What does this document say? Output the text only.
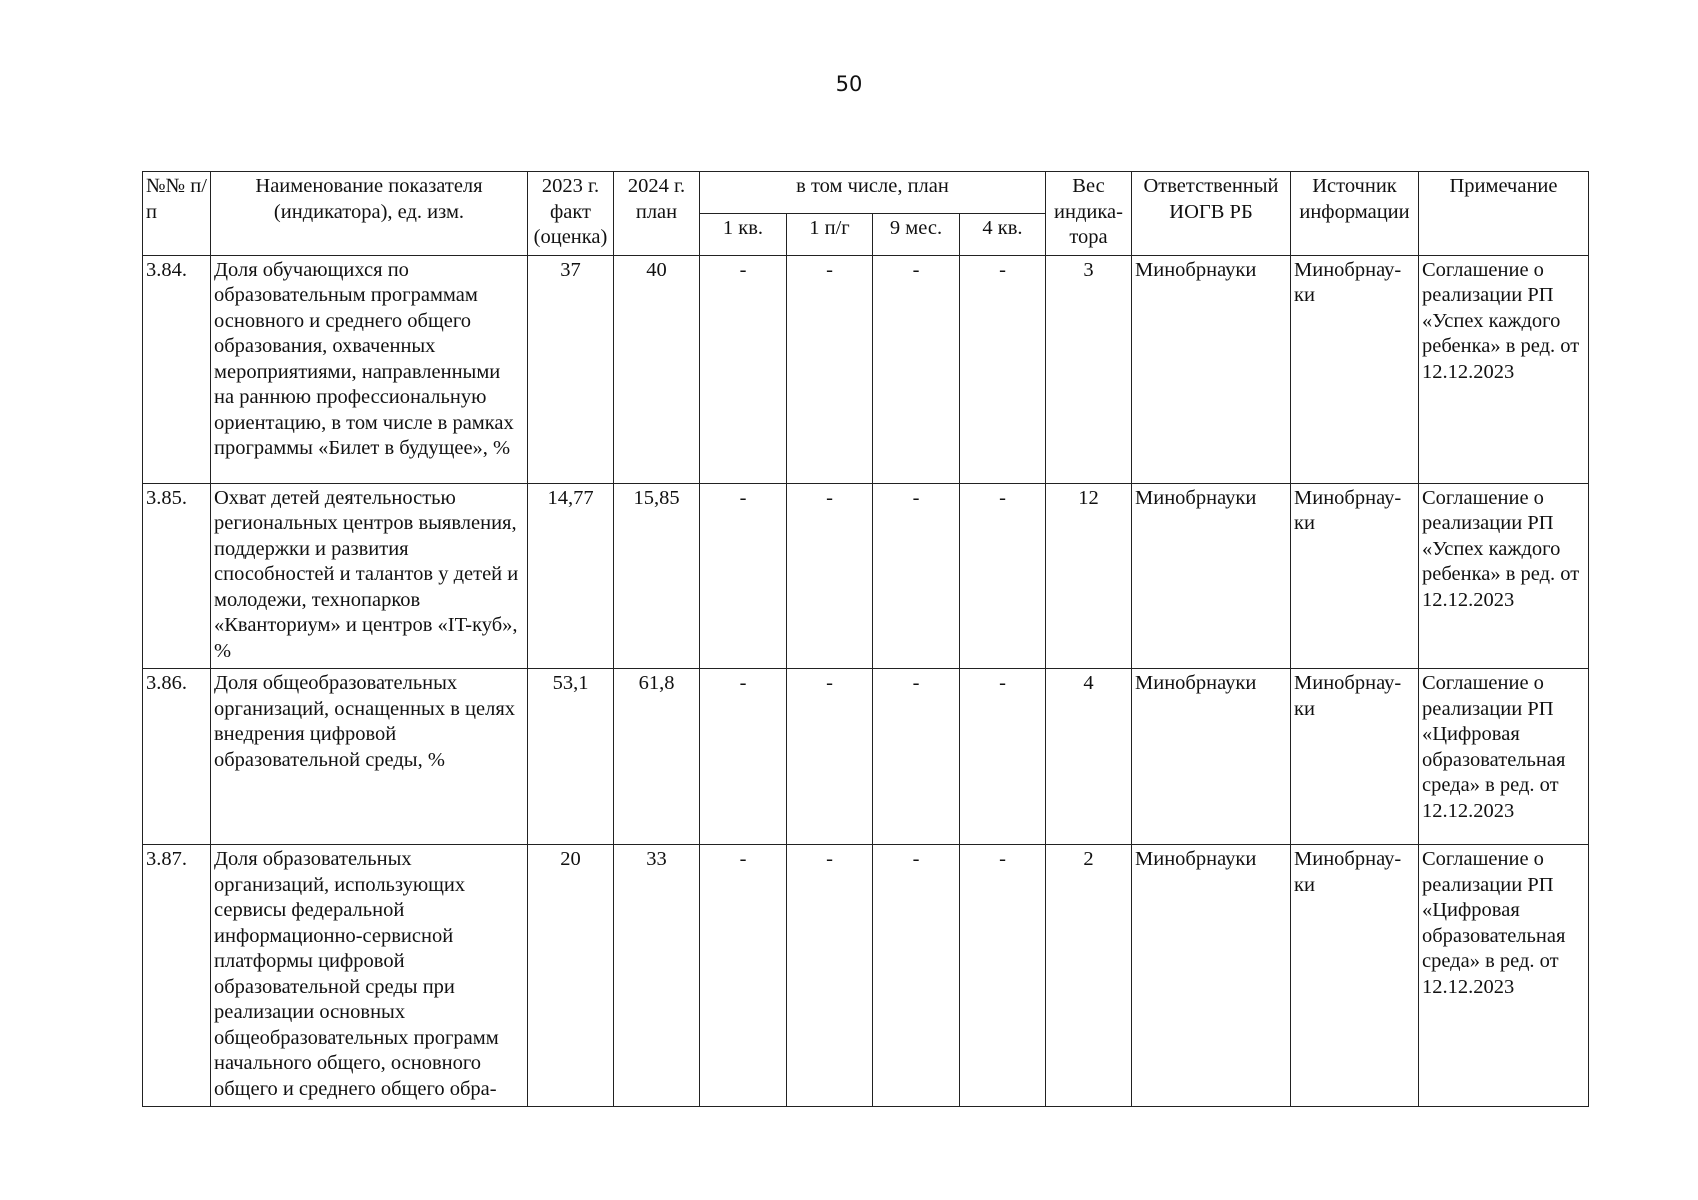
50
№№ п/п	Наименование показателя (индикатора), ед. изм.	2023 г. факт (оценка)	2024 г. план	в том числе, план				Вес индика-тора	Ответственный ИОГВ РБ	Источник информации	Примечание
				1 кв.	1 п/г	9 мес.	4 кв.				
3.84.	Доля обучающихся по образовательным программам основного и среднего общего образования, охваченных мероприятиями, направленными на раннюю профессиональную ориентацию, в том числе в рамках программы «Билет в будущее», %	37	40	-	-	-	-	3	Минобрнауки	Минобрнау-ки	Соглашение о реализации РП «Успех каждого ребенка» в ред. от 12.12.2023
3.85.	Охват детей деятельностью региональных центров выявления, поддержки и развития способностей и талантов у детей и молодежи, технопарков «Кванториум» и центров «IT-куб», %	14,77	15,85	-	-	-	-	12	Минобрнауки	Минобрнау-ки	Соглашение о реализации РП «Успех каждого ребенка» в ред. от 12.12.2023
3.86.	Доля общеобразовательных организаций, оснащенных в целях внедрения цифровой образовательной среды, %	53,1	61,8	-	-	-	-	4	Минобрнауки	Минобрнау-ки	Соглашение о реализации РП «Цифровая образовательная среда» в ред. от 12.12.2023
3.87.	Доля образовательных организаций, использующих сервисы федеральной информационно-сервисной платформы цифровой образовательной среды при реализации основных общеобразовательных программ начального общего, основного общего и среднего общего обра-	20	33	-	-	-	-	2	Минобрнауки	Минобрнау-ки	Соглашение о реализации РП «Цифровая образовательная среда» в ред. от 12.12.2023
